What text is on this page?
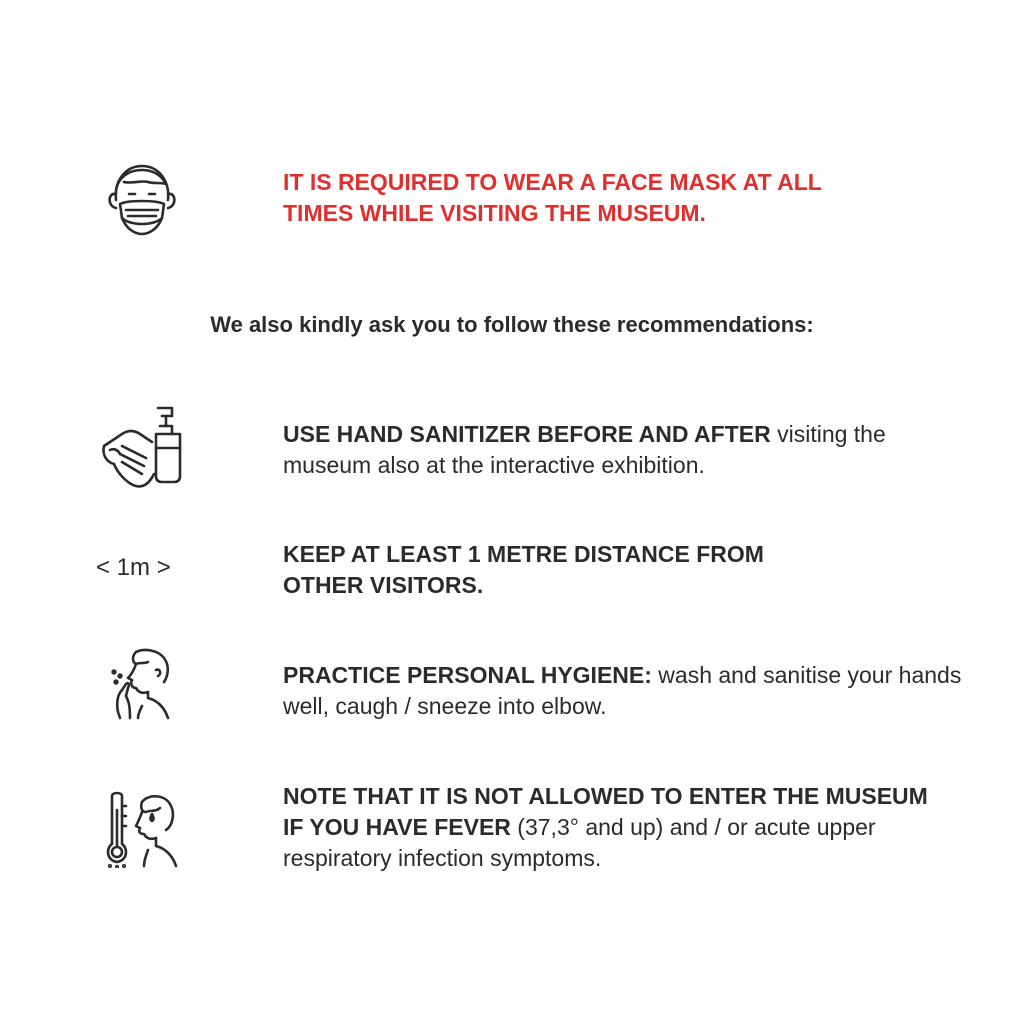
IT IS REQUIRED TO WEAR A FACE MASK AT ALL TIMES WHILE VISITING THE MUSEUM.
We also kindly ask you to follow these recommendations:
USE HAND SANITIZER BEFORE AND AFTER visiting the museum also at the interactive exhibition.
< 1m >	KEEP AT LEAST 1 METRE DISTANCE FROM OTHER VISITORS.
PRACTICE PERSONAL HYGIENE: wash and sanitise your hands well, caugh / sneeze into elbow.
NOTE THAT IT IS NOT ALLOWED TO ENTER THE MUSEUM IF YOU HAVE FEVER (37,3° and up) and / or acute upper respiratory infection symptoms.
